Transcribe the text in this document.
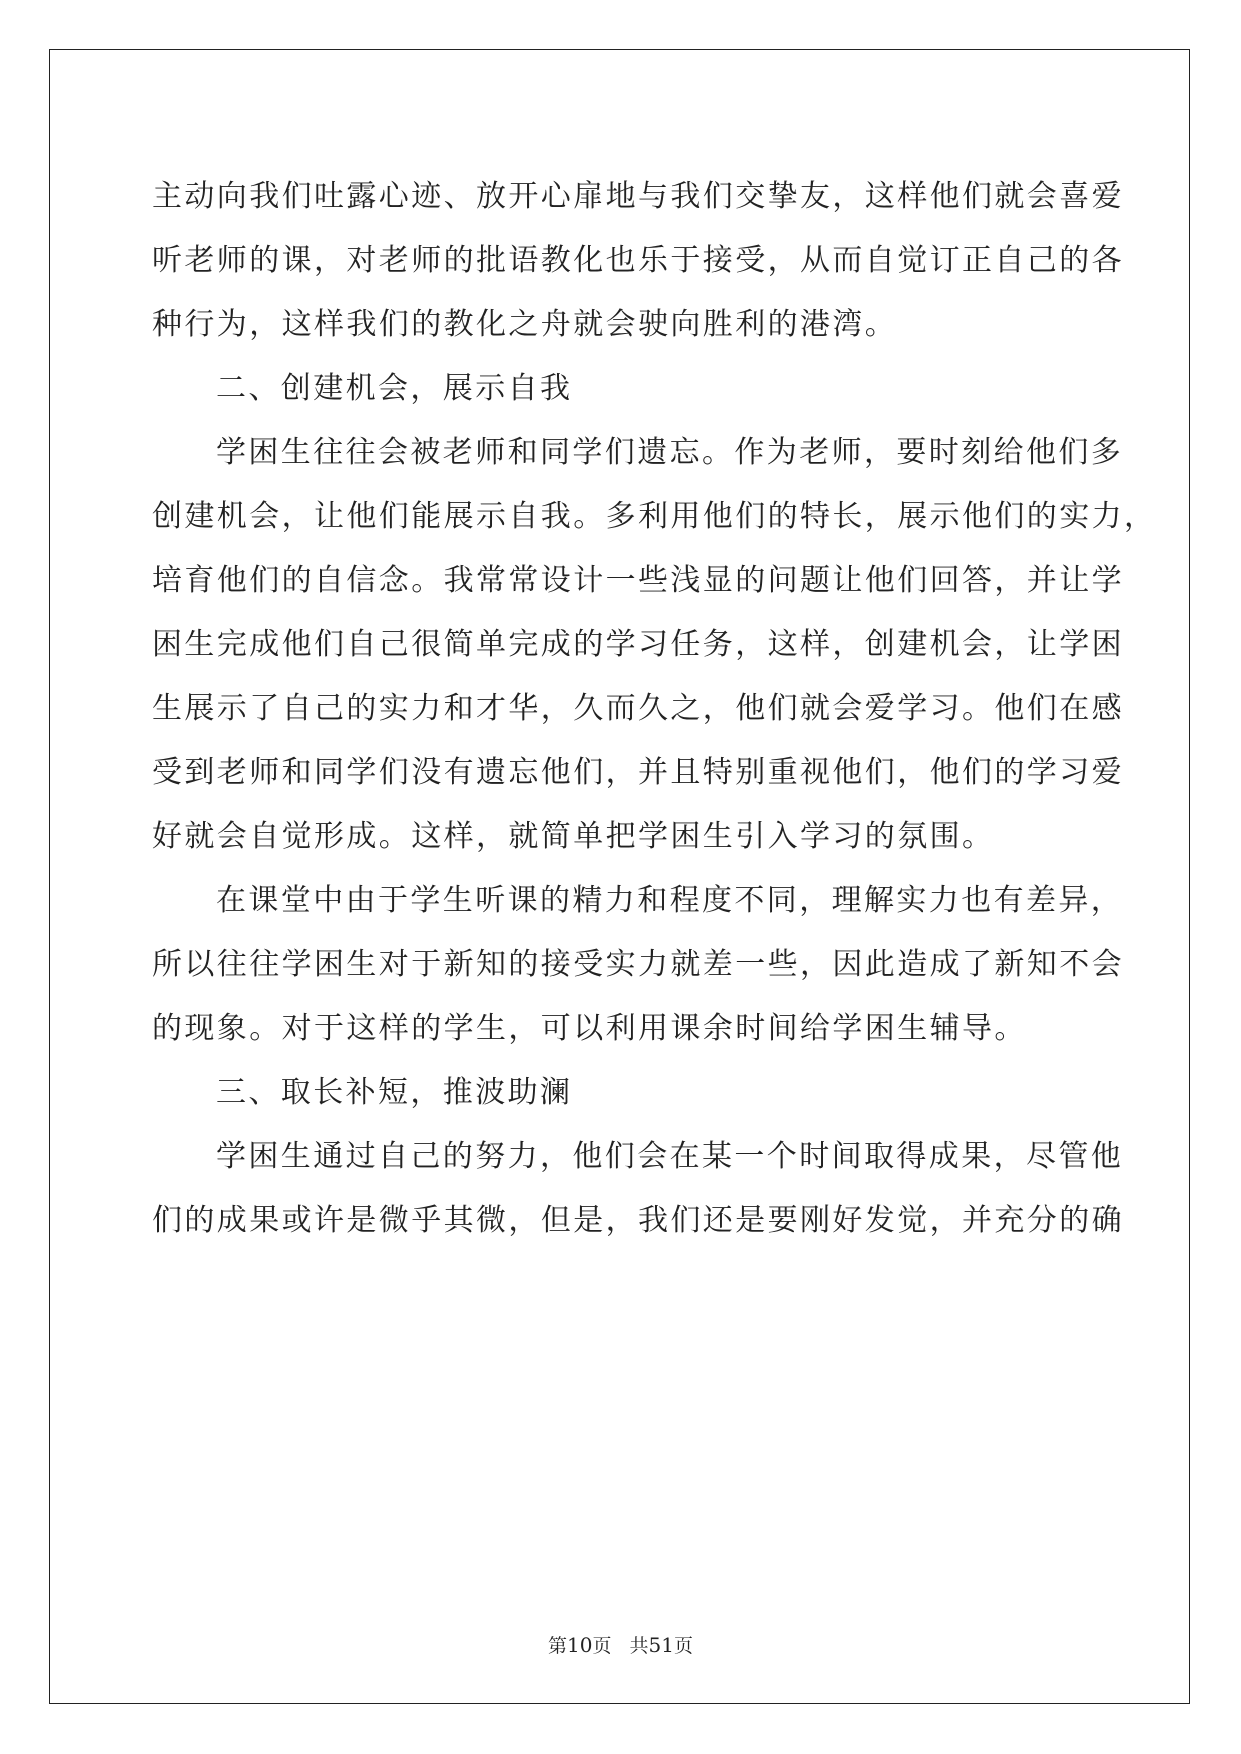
主动向我们吐露心迹、放开心扉地与我们交挚友，这样他们就会喜爱
听老师的课，对老师的批语教化也乐于接受，从而自觉订正自己的各
种行为，这样我们的教化之舟就会驶向胜利的港湾。
二、创建机会，展示自我
学困生往往会被老师和同学们遗忘。作为老师，要时刻给他们多
创建机会，让他们能展示自我。多利用他们的特长，展示他们的实力，
培育他们的自信念。我常常设计一些浅显的问题让他们回答，并让学
困生完成他们自己很简单完成的学习任务，这样，创建机会，让学困
生展示了自己的实力和才华，久而久之，他们就会爱学习。他们在感
受到老师和同学们没有遗忘他们，并且特别重视他们，他们的学习爱
好就会自觉形成。这样，就简单把学困生引入学习的氛围。
在课堂中由于学生听课的精力和程度不同，理解实力也有差异，
所以往往学困生对于新知的接受实力就差一些，因此造成了新知不会
的现象。对于这样的学生，可以利用课余时间给学困生辅导。
三、取长补短，推波助澜
学困生通过自己的努力，他们会在某一个时间取得成果，尽管他
们的成果或许是微乎其微，但是，我们还是要刚好发觉，并充分的确
第10页 共51页
